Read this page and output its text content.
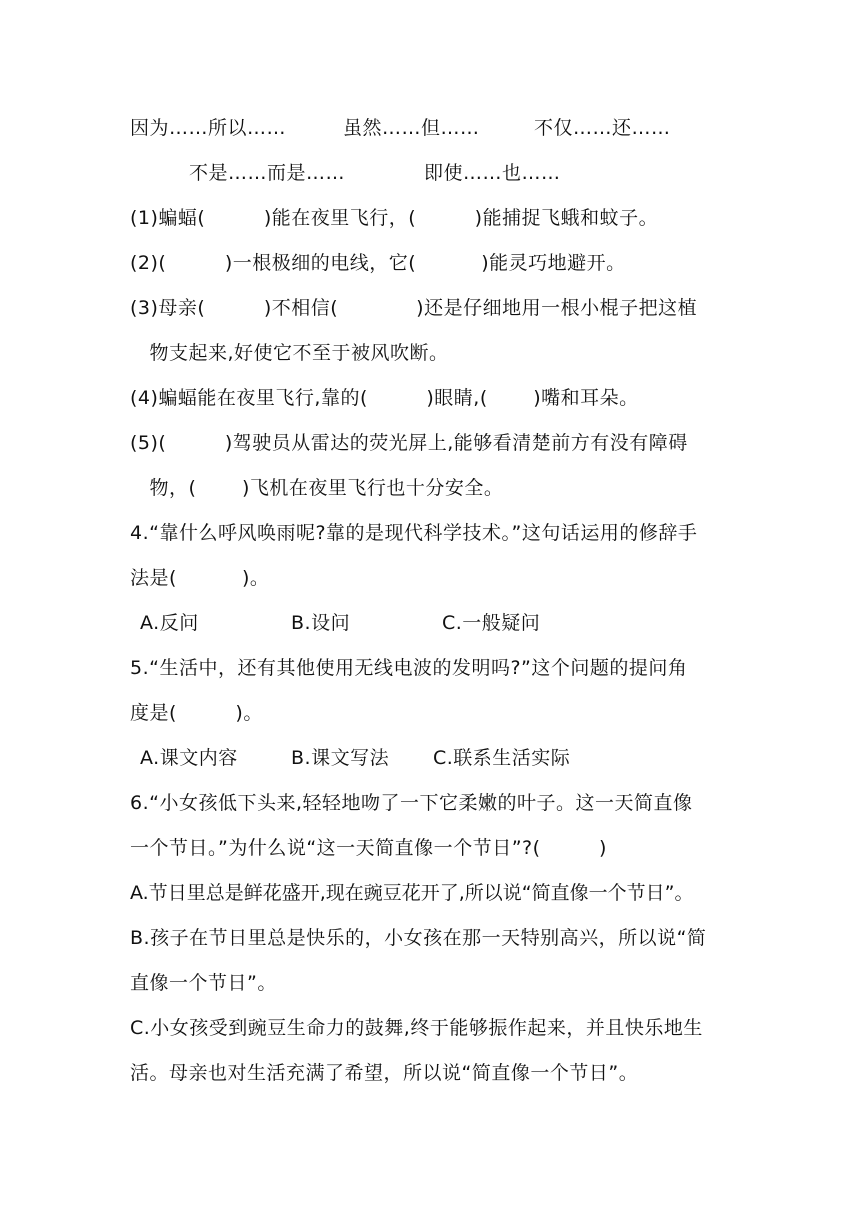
因为……所以……	虽然……但……	不仅……还……
不是……而是……	即使……也……
(1)蝙蝠(　　　)能在夜里飞行，(　　　)能捕捉飞蛾和蚊子。
(2)(　　　)一根极细的电线，它(　　　 )能灵巧地避开。
(3)母亲(　　　)不相信(　　　　)还是仔细地用一根小棍子把这植
　物支起来,好使它不至于被风吹断。
(4)蝙蝠能在夜里飞行,靠的(　　　)眼睛,(　　 )嘴和耳朵。
(5)(　　　)驾驶员从雷达的荧光屏上,能够看清楚前方有没有障碍
　物，(　　 )飞机在夜里飞行也十分安全。
4.“靠什么呼风唤雨呢?靠的是现代科学技术。”这句话运用的修辞手
法是(　　　 )。
A.反问	B.设问	C.一般疑问
5.“生活中，还有其他使用无线电波的发明吗?”这个问题的提问角
度是(　　　)。
A.课文内容	B.课文写法 C.联系生活实际
6.“小女孩低下头来,轻轻地吻了一下它柔嫩的叶子。这一天简直像
一个节日。”为什么说“这一天简直像一个节日”?(　　　)
A.节日里总是鲜花盛开,现在豌豆花开了,所以说“简直像一个节日”。
B.孩子在节日里总是快乐的，小女孩在那一天特别高兴，所以说“简
直像一个节日”。
C.小女孩受到豌豆生命力的鼓舞,终于能够振作起来，并且快乐地生
活。母亲也对生活充满了希望，所以说“简直像一个节日”。
